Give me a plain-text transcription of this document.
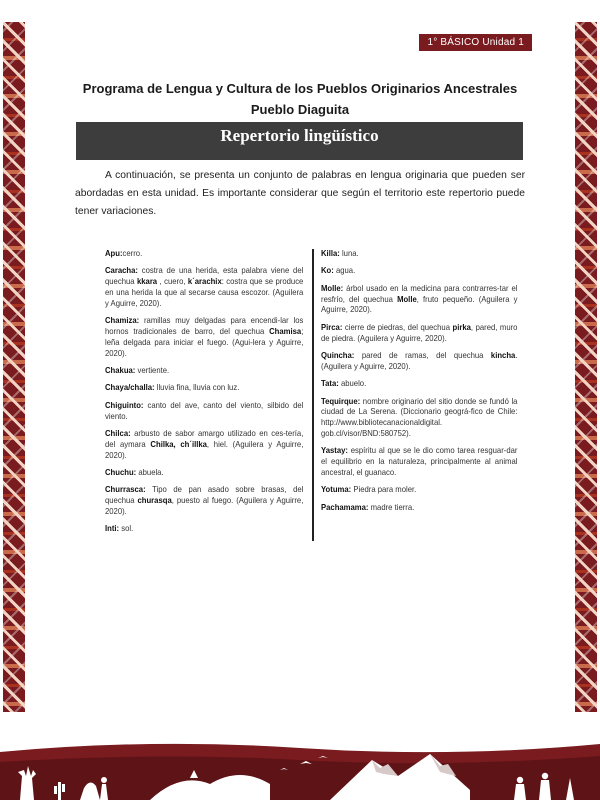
1° BÁSICO Unidad 1
Programa de Lengua y Cultura de los Pueblos Originarios Ancestrales
Pueblo Diaguita
Repertorio lingüístico

A continuación, se presenta un conjunto de palabras en lengua originaria que pueden ser abordadas en esta unidad. Es importante considerar que según el territorio este repertorio puede tener variaciones.

Apu:cerro.

Caracha: costra de una herida, esta palabra viene del quechua kkara , cuero, k´arachix: costra que se produce en una herida la que al secarse causa escozor. (Aguilera y Aguirre, 2020).

Chamiza: ramillas muy delgadas para encendi-lar los hornos tradicionales de barro, del quechua Chamisa; leña delgada para iniciar el fuego. (Agui-lera y Aguirre, 2020).

Chakua: vertiente.

Chaya/challa: lluvia fina, lluvia con luz.

Chiguinto: canto del ave, canto del viento, silbido del viento.

Chilca: arbusto de sabor amargo utilizado en ces-tería, del aymara Chilka, ch´illka, hiel. (Aguilera y Aguirre, 2020).

Chuchu: abuela.

Churrasca: Tipo de pan asado sobre brasas, del quechua churasqa, puesto al fuego. (Aguilera y Aguirre, 2020).

Inti: sol.

Killa: luna.

Ko: agua.

Molle: árbol usado en la medicina para contrarres-tar el resfrío, del quechua Molle, fruto pequeño. (Aguilera y Aguirre, 2020).

Pirca: cierre de piedras, del quechua pirka, pared, muro de piedra. (Aguilera y Aguirre, 2020).

Quincha: pared de ramas, del quechua kincha. (Aguilera y Aguirre, 2020).

Tata: abuelo.

Tequirque: nombre originario del sitio donde se fundó la ciudad de La Serena. (Diccionario geográ-fico de Chile: http://www.bibliotecanacionaldigital. gob.cl/visor/BND:580752).

Yastay: espíritu al que se le dio como tarea resguar-dar el equilibrio en la naturaleza, principalmente al animal ancestral, el guanaco.

Yotuma: Piedra para moler.

Pachamama: madre tierra.
